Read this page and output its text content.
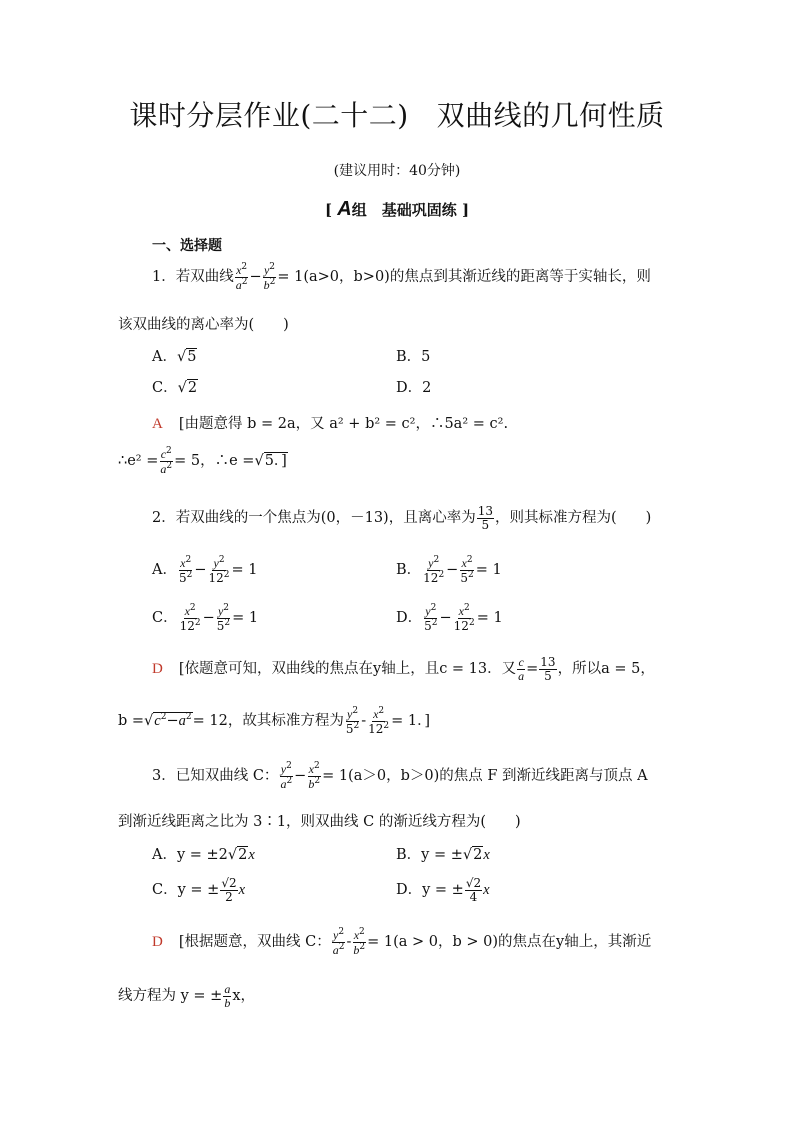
课时分层作业(二十二) 双曲线的几何性质
(建议用时：40分钟)
[ A组　基础巩固练 ]
一、选择题
1．若双曲线 $\frac{x^2}{a^2} - \frac{y^2}{b^2} = 1(a>0$，b>0)的焦点到其渐近线的距离等于实轴长，则
该双曲线的离心率为(　　)
A．√5	B．5
C．√2	D．2
A [由题意得 b = 2a，又 a² + b² = c²，∴5a² = c².
∴e² = $\frac{c^2}{a^2} = 5$，∴e =√5．]
2．若双曲线的一个焦点为(0，－13)，且离心率为 $\frac{13}{5}$ ，则其标准方程为(　　)
A． $\frac{x^2}{5^2} - \frac{y^2}{12^2} = 1$	B． $\frac{y^2}{12^2} - \frac{x^2}{5^2} = 1$
C． $\frac{x^2}{12^2} - \frac{y^2}{5^2} = 1$	D． $\frac{y^2}{5^2} - \frac{x^2}{12^2} = 1$
D [依题意可知，双曲线的焦点在y轴上，且c = 13．又 $\frac{c}{a} = \frac{13}{5}$ ，所以a = 5，
$b =√c^2-a^2= 12$，故其标准方程为 $\frac{y^2}{5^2} - \frac{x^2}{12^2} = 1$．]
3．已知双曲线 C： $\frac{y^2}{a^2} - \frac{x^2}{b^2} = 1(a>0$，b＞0)的焦点 F 到渐近线距离与顶点 A
到渐近线距离之比为 3∶1，则双曲线 C 的渐近线方程为(　　)
A．y = ±2√2x	B．y = ±√2x
C．y = ± $\frac{√2}{2}$ x	D．y = ± $\frac{√2}{4}$ x
D [根据题意，双曲线 C： $\frac{y^2}{a^2} - \frac{x^2}{b^2} = 1(a > 0$，b > 0)的焦点在y轴上，其渐近
线方程为 y = ± $\frac{a}{b}$ x，
